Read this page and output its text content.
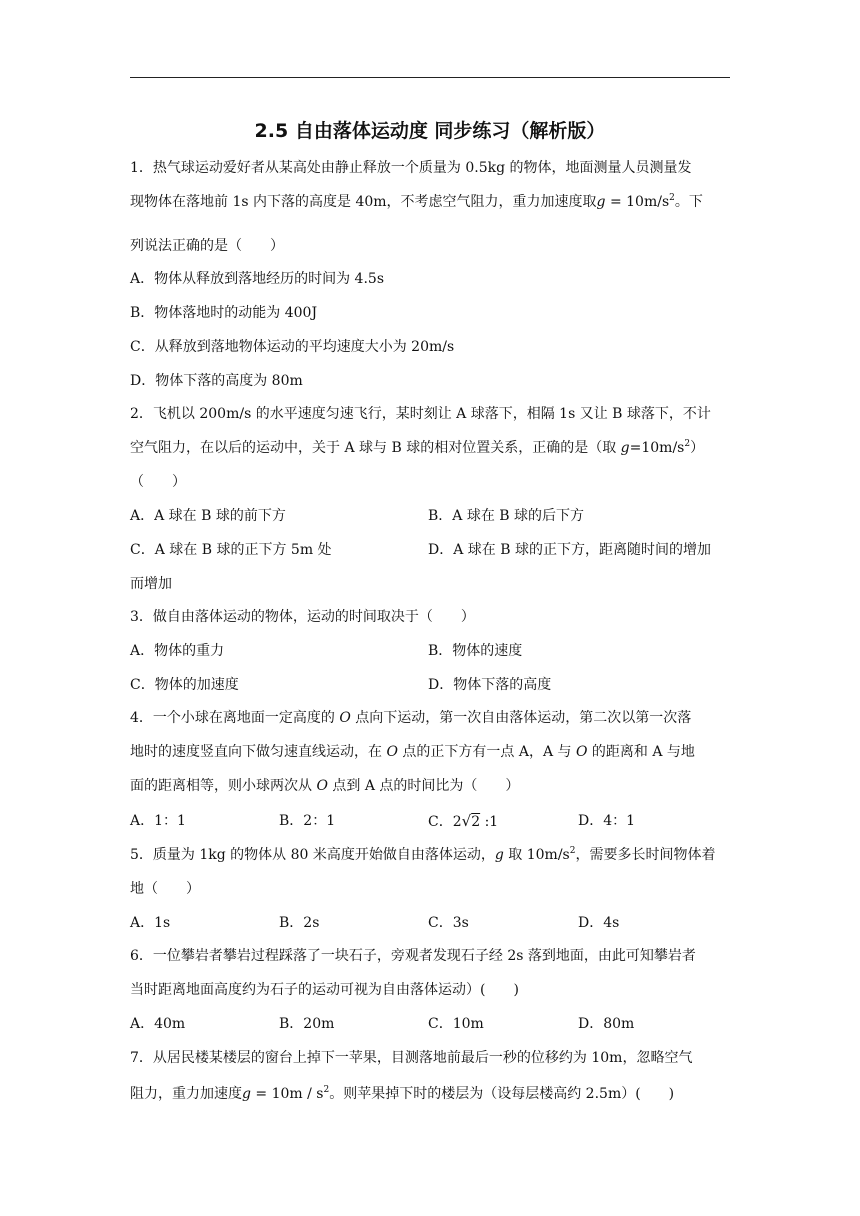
2.5 自由落体运动度 同步练习（解析版）
1．热气球运动爱好者从某高处由静止释放一个质量为 0.5kg 的物体，地面测量人员测量发
现物体在落地前 1s 内下落的高度是 40m，不考虑空气阻力，重力加速度取$g = 10m/s^2$。下
列说法正确的是（　　）
A．物体从释放到落地经历的时间为 4.5s
B．物体落地时的动能为 400J
C．从释放到落地物体运动的平均速度大小为 20m/s
D．物体下落的高度为 80m
2．飞机以 200m/s 的水平速度匀速飞行，某时刻让 A 球落下，相隔 1s 又让 B 球落下，不计
空气阻力，在以后的运动中，关于 A 球与 B 球的相对位置关系，正确的是（取 $g=10m/s^2$）
（　　）
A．A 球在 B 球的前下方	B．A 球在 B 球的后下方
C．A 球在 B 球的正下方 5m 处	D．A 球在 B 球的正下方，距离随时间的增加
而增加
3．做自由落体运动的物体，运动的时间取决于（　　）
A．物体的重力	B．物体的速度
C．物体的加速度	D．物体下落的高度
4．一个小球在离地面一定高度的 O 点向下运动，第一次自由落体运动，第二次以第一次落
地时的速度竖直向下做匀速直线运动，在 O 点的正下方有一点 A，A 与 O 的距离和 A 与地
面的距离相等，则小球两次从 O 点到 A 点的时间比为（　　）
A．1：1	B．2：1	C．2√2 :1	D．4：1
5．质量为 1kg 的物体从 80 米高度开始做自由落体运动，g 取 $10m/s^2$，需要多长时间物体着
地（　　）
A．1s	B．2s	C．3s	D．4s
6．一位攀岩者攀岩过程踩落了一块石子，旁观者发现石子经 2s 落到地面，由此可知攀岩者
当时距离地面高度约为石子的运动可视为自由落体运动）(　　)
A．40m	B．20m	C．10m	D．80m
7．从居民楼某楼层的窗台上掉下一苹果，目测落地前最后一秒的位移约为 10m，忽略空气
阻力，重力加速度$g = 10m / s^2$。则苹果掉下时的楼层为（设每层楼高约 2.5m）(　　)
